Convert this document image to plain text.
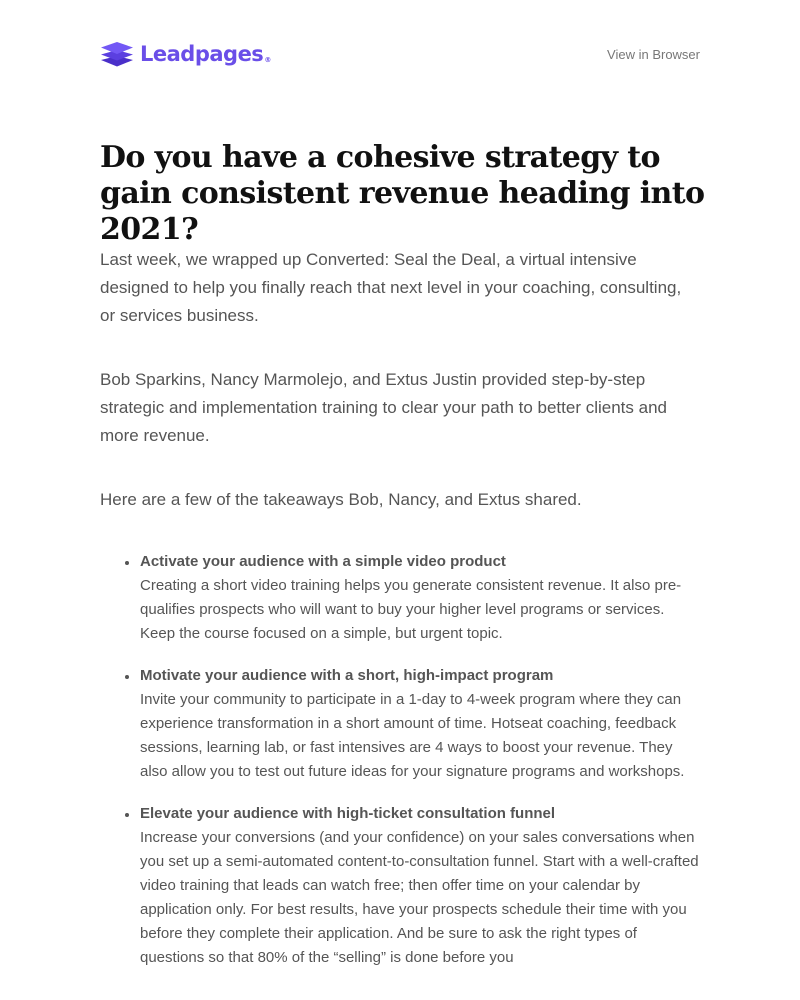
Leadpages®	View in Browser
Do you have a cohesive strategy to gain consistent revenue heading into 2021?

Last week, we wrapped up Converted: Seal the Deal, a virtual intensive designed to help you finally reach that next level in your coaching, consulting, or services business.

Bob Sparkins, Nancy Marmolejo, and Extus Justin provided step-by-step strategic and implementation training to clear your path to better clients and more revenue.

Here are a few of the takeaways Bob, Nancy, and Extus shared.

Activate your audience with a simple video product
Creating a short video training helps you generate consistent revenue. It also pre-qualifies prospects who will want to buy your higher level programs or services. Keep the course focused on a simple, but urgent topic.
Motivate your audience with a short, high-impact program
Invite your community to participate in a 1-day to 4-week program where they can experience transformation in a short amount of time. Hotseat coaching, feedback sessions, learning lab, or fast intensives are 4 ways to boost your revenue. They also allow you to test out future ideas for your signature programs and workshops.
Elevate your audience with high-ticket consultation funnel
Increase your conversions (and your confidence) on your sales conversations when you set up a semi-automated content-to-consultation funnel. Start with a well-crafted video training that leads can watch free; then offer time on your calendar by application only. For best results, have your prospects schedule their time with you before they complete their application. And be sure to ask the right types of questions so that 80% of the “selling” is done before you
